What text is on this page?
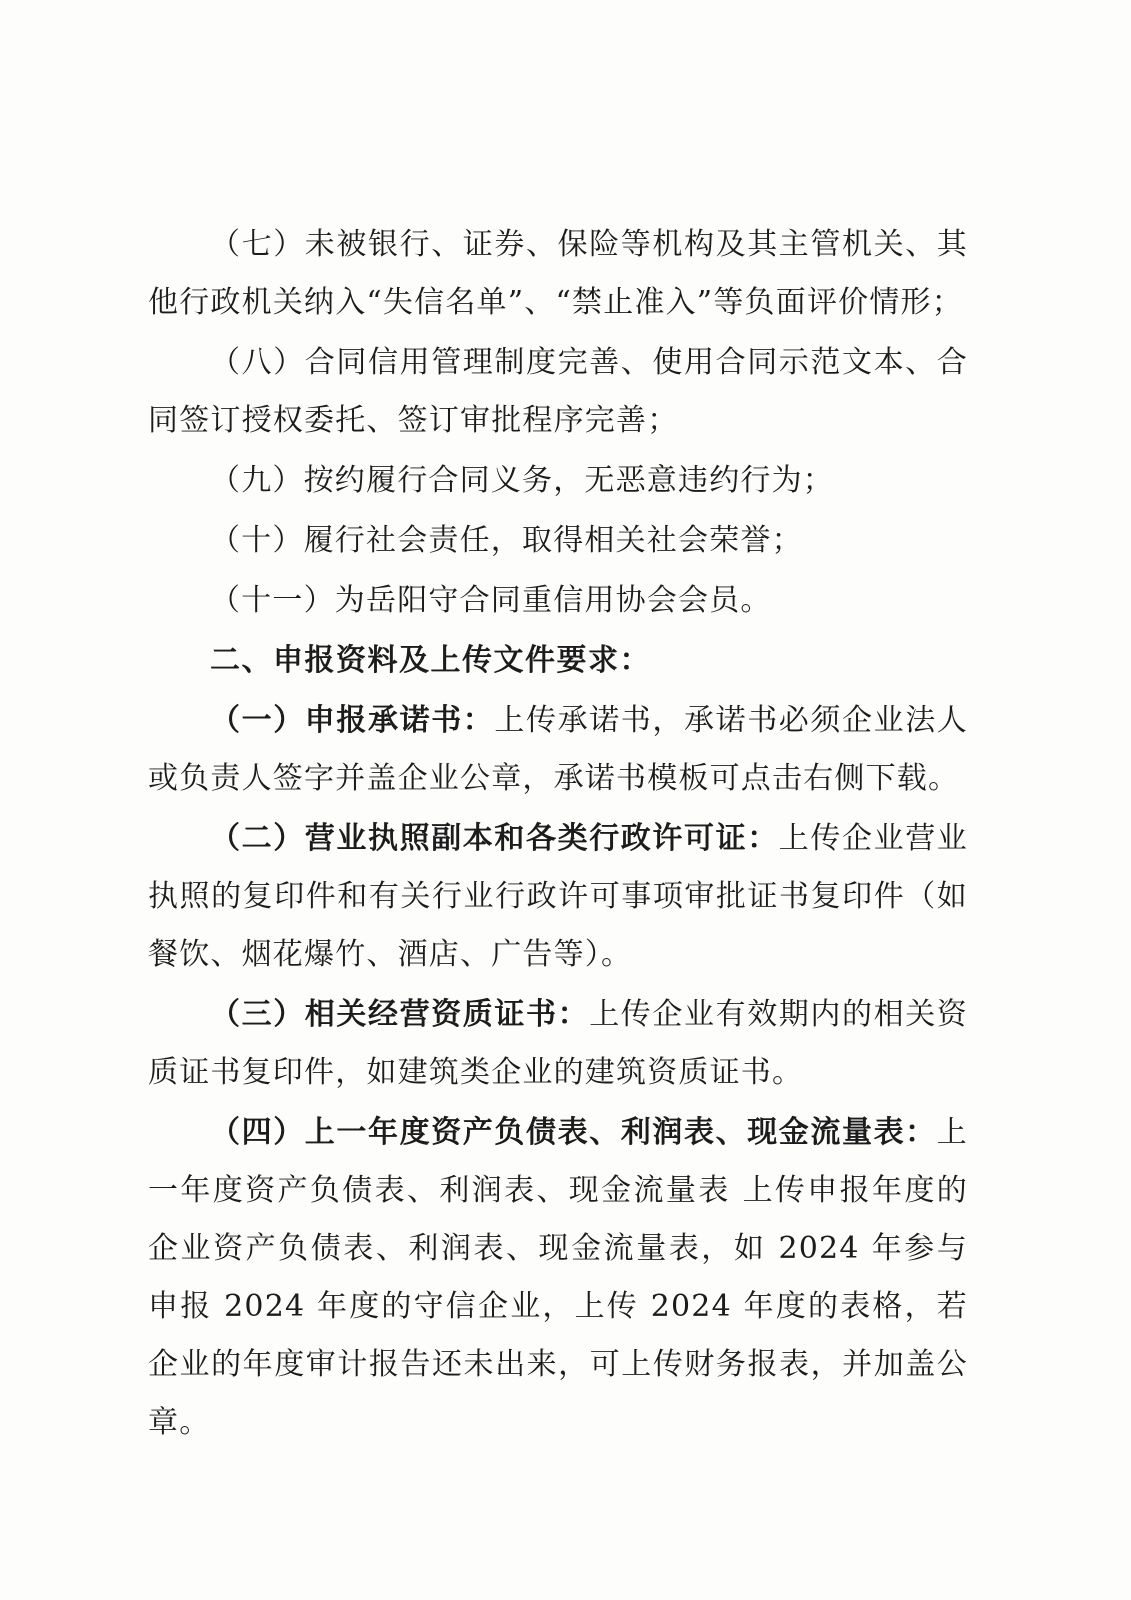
（七）未被银行、证券、保险等机构及其主管机关、其他行政机关纳入“失信名单”、“禁止准入”等负面评价情形；

（八）合同信用管理制度完善、使用合同示范文本、合同签订授权委托、签订审批程序完善；

（九）按约履行合同义务，无恶意违约行为；

（十）履行社会责任，取得相关社会荣誉；

（十一）为岳阳守合同重信用协会会员。

二、申报资料及上传文件要求：

（一）申报承诺书：上传承诺书，承诺书必须企业法人或负责人签字并盖企业公章，承诺书模板可点击右侧下载。

（二）营业执照副本和各类行政许可证：上传企业营业执照的复印件和有关行业行政许可事项审批证书复印件（如餐饮、烟花爆竹、酒店、广告等）。

（三）相关经营资质证书：上传企业有效期内的相关资质证书复印件，如建筑类企业的建筑资质证书。

（四）上一年度资产负债表、利润表、现金流量表：上一年度资产负债表、利润表、现金流量表 上传申报年度的企业资产负债表、利润表、现金流量表，如 2024 年参与申报 2024 年度的守信企业，上传 2024 年度的表格，若企业的年度审计报告还未出来，可上传财务报表，并加盖公章。
